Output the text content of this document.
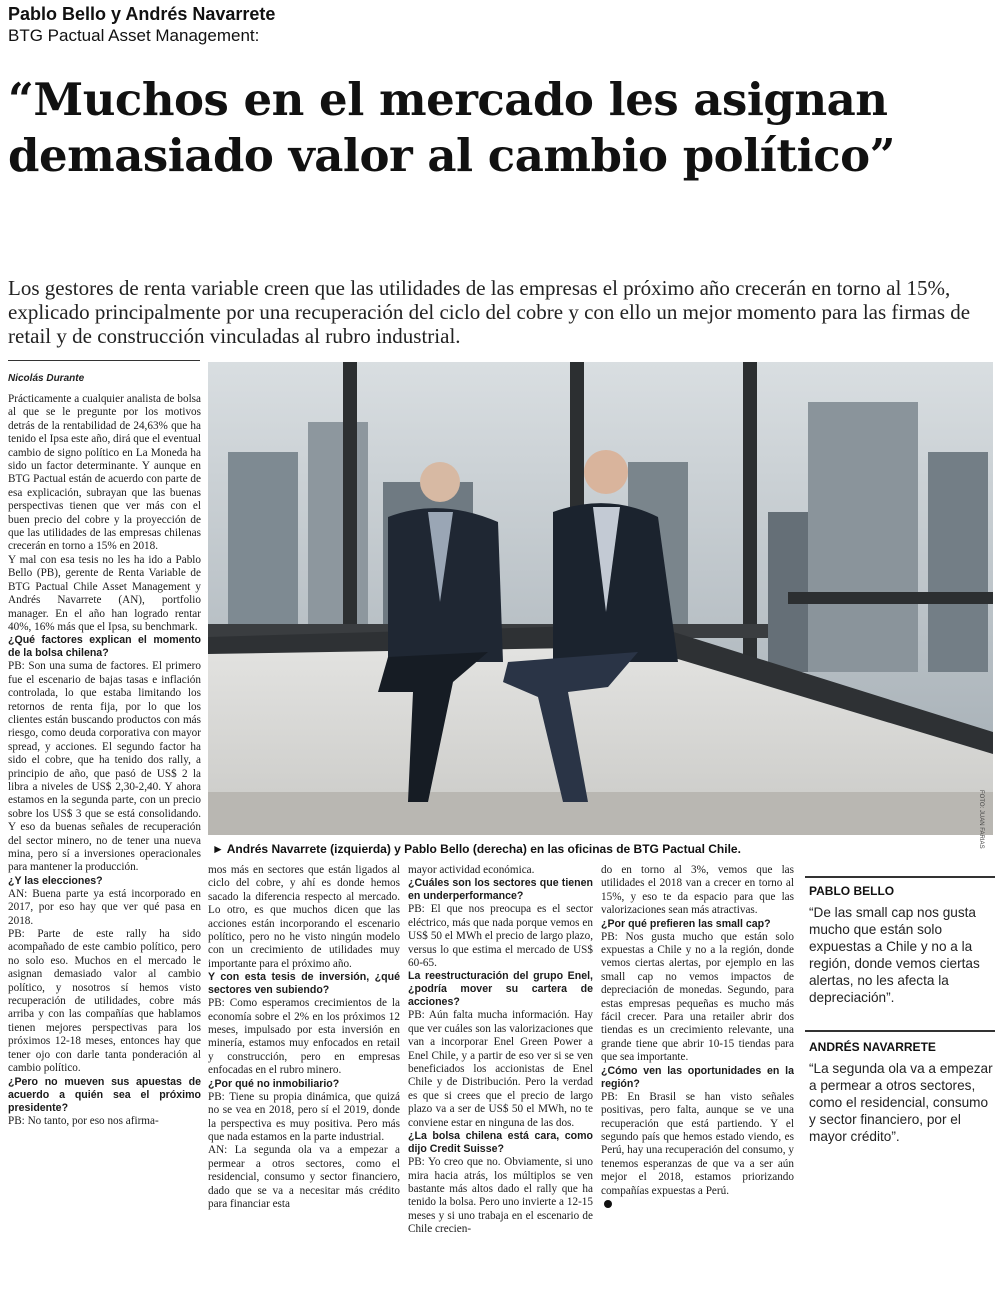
Pablo Bello y Andrés Navarrete
BTG Pactual Asset Management:
“Muchos en el mercado les asignan demasiado valor al cambio político”

Los gestores de renta variable creen que las utilidades de las empresas el próximo año crecerán en torno al 15%, explicado principalmente por una recuperación del ciclo del cobre y con ello un mejor momento para las firmas de retail y de construcción vinculadas al rubro industrial.

Nicolás Durante

Prácticamente a cualquier analista de bolsa al que se le pregunte por los motivos detrás de la rentabilidad de 24,63% que ha tenido el Ipsa este año, dirá que el eventual cambio de signo político en La Moneda ha sido un factor determinante. Y aunque en BTG Pactual están de acuerdo con parte de esa explicación, subrayan que las buenas perspectivas tienen que ver más con el buen precio del cobre y la proyección de que las utilidades de las empresas chilenas crecerán en torno a 15% en 2018.

Y mal con esa tesis no les ha ido a Pablo Bello (PB), gerente de Renta Variable de BTG Pactual Chile Asset Management y Andrés Navarrete (AN), portfolio manager. En el año han logrado rentar 40%, 16% más que el Ipsa, su benchmark.

¿Qué factores explican el momento de la bolsa chilena?

PB: Son una suma de factores. El primero fue el escenario de bajas tasas e inflación controlada, lo que estaba limitando los retornos de renta fija, por lo que los clientes están buscando productos con más riesgo, como deuda corporativa con mayor spread, y acciones. El segundo factor ha sido el cobre, que ha tenido dos rally, a principio de año, que pasó de US$ 2 la libra a niveles de US$ 2,30-2,40. Y ahora estamos en la segunda parte, con un precio sobre los US$ 3 que se está consolidando. Y eso da buenas señales de recuperación del sector minero, no de tener una nueva mina, pero sí a inversiones operacionales para mantener la producción.

¿Y las elecciones?

AN: Buena parte ya está incorporado en 2017, por eso hay que ver qué pasa en 2018.

PB: Parte de este rally ha sido acompañado de este cambio político, pero no solo eso. Muchos en el mercado le asignan demasiado valor al cambio político, y nosotros sí hemos visto recuperación de utilidades, cobre más arriba y con las compañías que hablamos tienen mejores perspectivas para los próximos 12-18 meses, entonces hay que tener ojo con darle tanta ponderación al cambio político.

¿Pero no mueven sus apuestas de acuerdo a quién sea el próximo presidente?

PB: No tanto, por eso nos afirma-

FOTO: JUAN FARIAS
► Andrés Navarrete (izquierda) y Pablo Bello (derecha) en las oficinas de BTG Pactual Chile.

mos más en sectores que están ligados al ciclo del cobre, y ahí es donde hemos sacado la diferencia respecto al mercado. Lo otro, es que muchos dicen que las acciones están incorporando el escenario político, pero no he visto ningún modelo con un crecimiento de utilidades muy importante para el próximo año.

Y con esta tesis de inversión, ¿qué sectores ven subiendo?

PB: Como esperamos crecimientos de la economía sobre el 2% en los próximos 12 meses, impulsado por esta inversión en minería, estamos muy enfocados en retail y construcción, pero en empresas enfocadas en el rubro minero.

¿Por qué no inmobiliario?

PB: Tiene su propia dinámica, que quizá no se vea en 2018, pero sí el 2019, donde la perspectiva es muy positiva. Pero más que nada estamos en la parte industrial.

AN: La segunda ola va a empezar a permear a otros sectores, como el residencial, consumo y sector financiero, dado que se va a necesitar más crédito para financiar esta

mayor actividad económica.

¿Cuáles son los sectores que tienen en underperformance?

PB: El que nos preocupa es el sector eléctrico, más que nada porque vemos en US$ 50 el MWh el precio de largo plazo, versus lo que estima el mercado de US$ 60-65.

La reestructuración del grupo Enel, ¿podría mover su cartera de acciones?

PB: Aún falta mucha información. Hay que ver cuáles son las valorizaciones que van a incorporar Enel Green Power a Enel Chile, y a partir de eso ver si se ven beneficiados los accionistas de Enel Chile y de Distribución. Pero la verdad es que si crees que el precio de largo plazo va a ser de US$ 50 el MWh, no te conviene estar en ninguna de las dos.

¿La bolsa chilena está cara, como dijo Credit Suisse?

PB: Yo creo que no. Obviamente, si uno mira hacia atrás, los múltiplos se ven bastante más altos dado el rally que ha tenido la bolsa. Pero uno invierte a 12-15 meses y si uno trabaja en el escenario de Chile crecien-

do en torno al 3%, vemos que las utilidades el 2018 van a crecer en torno al 15%, y eso te da espacio para que las valorizaciones sean más atractivas.

¿Por qué prefieren las small cap?

PB: Nos gusta mucho que están solo expuestas a Chile y no a la región, donde vemos ciertas alertas, por ejemplo en las small cap no vemos impactos de depreciación de monedas. Segundo, para estas empresas pequeñas es mucho más fácil crecer. Para una retailer abrir dos tiendas es un crecimiento relevante, una grande tiene que abrir 10-15 tiendas para que sea importante.

¿Cómo ven las oportunidades en la región?

PB: En Brasil se han visto señales positivas, pero falta, aunque se ve una recuperación que está partiendo. Y el segundo país que hemos estado viendo, es Perú, hay una recuperación del consumo, y tenemos esperanzas de que va a ser aún mejor el 2018, estamos priorizando compañías expuestas a Perú.

PABLO BELLO
“De las small cap nos gusta mucho que están solo expuestas a Chile y no a la región, donde vemos ciertas alertas, no les afecta la depreciación”.
ANDRÉS NAVARRETE
“La segunda ola va a empezar a permear a otros sectores, como el residencial, consumo y sector financiero, por el mayor crédito”.
